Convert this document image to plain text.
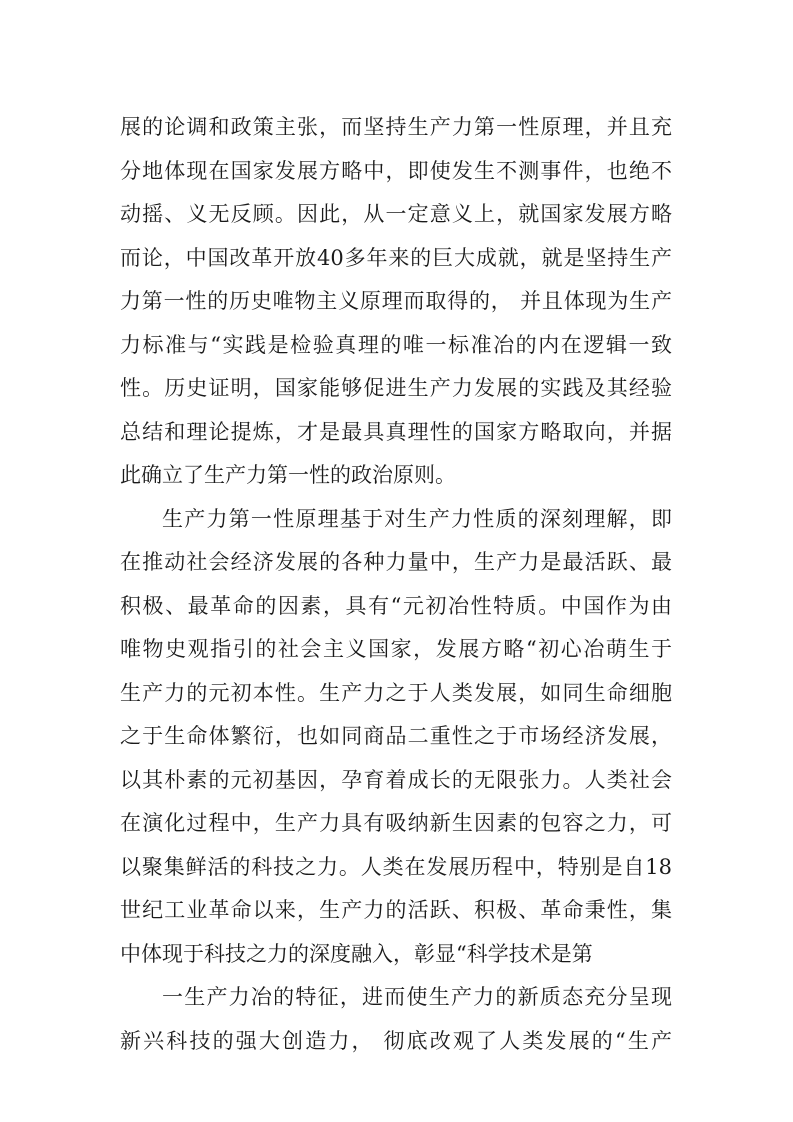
展的论调和政策主张，而坚持生产力第一性原理，并且充
分地体现在国家发展方略中，即使发生不测事件，也绝不
动摇、义无反顾。因此，从一定意义上，就国家发展方略
而论，中国改革开放40多年来的巨大成就，就是坚持生产
力第一性的历史唯物主义原理而取得的， 并且体现为生产
力标准与“实践是检验真理的唯一标准冶的内在逻辑一致
性。历史证明，国家能够促进生产力发展的实践及其经验
总结和理论提炼，才是最具真理性的国家方略取向，并据
此确立了生产力第一性的政治原则。
生产力第一性原理基于对生产力性质的深刻理解，即
在推动社会经济发展的各种力量中，生产力是最活跃、最
积极、最革命的因素，具有“元初冶性特质。中国作为由
唯物史观指引的社会主义国家，发展方略“初心冶萌生于
生产力的元初本性。生产力之于人类发展，如同生命细胞
之于生命体繁衍，也如同商品二重性之于市场经济发展，
以其朴素的元初基因，孕育着成长的无限张力。人类社会
在演化过程中，生产力具有吸纳新生因素的包容之力，可
以聚集鲜活的科技之力。人类在发展历程中，特别是自18
世纪工业革命以来，生产力的活跃、积极、革命秉性，集
中体现于科技之力的深度融入，彰显“科学技术是第
一生产力冶的特征，进而使生产力的新质态充分呈现
新兴科技的强大创造力， 彻底改观了人类发展的“生产
